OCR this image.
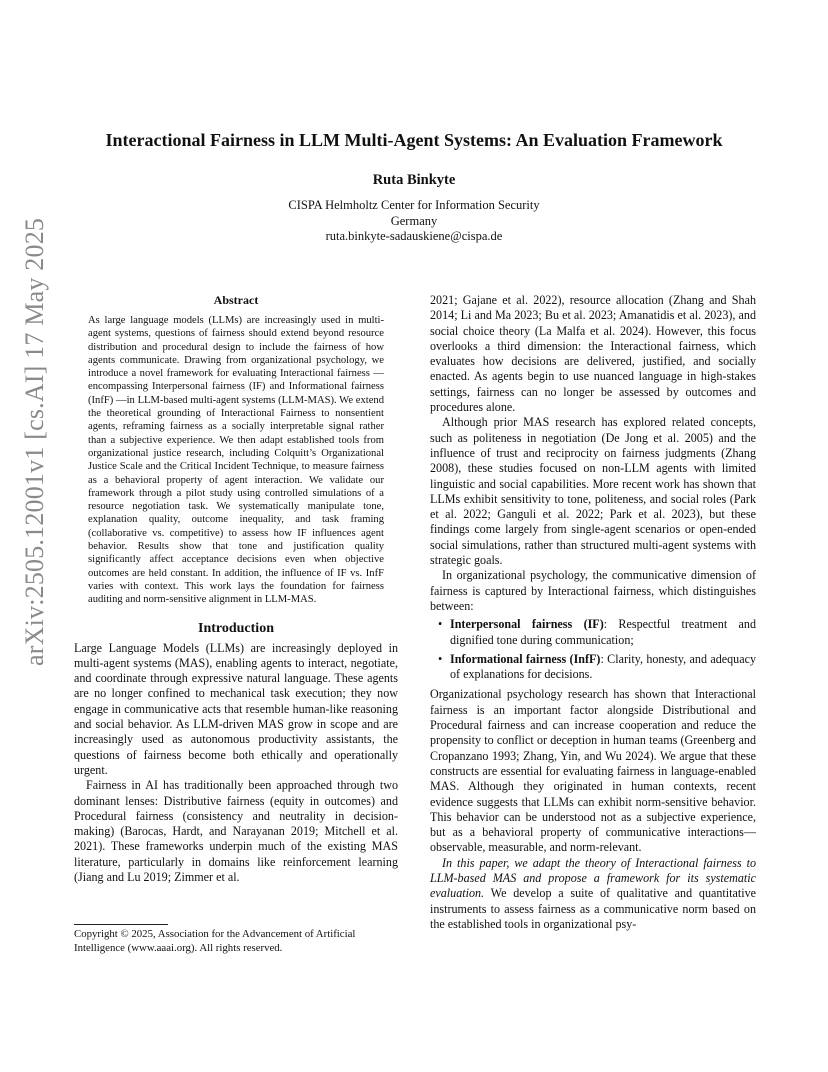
arXiv:2505.12001v1 [cs.AI] 17 May 2025
Interactional Fairness in LLM Multi-Agent Systems: An Evaluation Framework
Ruta Binkyte
CISPA Helmholtz Center for Information Security
Germany
ruta.binkyte-sadauskiene@cispa.de
Abstract

As large language models (LLMs) are increasingly used in multi-agent systems, questions of fairness should extend beyond resource distribution and procedural design to include the fairness of how agents communicate. Drawing from organizational psychology, we introduce a novel framework for evaluating Interactional fairness — encompassing Interpersonal fairness (IF) and Informational fairness (InfF) —in LLM-based multi-agent systems (LLM-MAS). We extend the theoretical grounding of Interactional Fairness to nonsentient agents, reframing fairness as a socially interpretable signal rather than a subjective experience. We then adapt established tools from organizational justice research, including Colquitt’s Organizational Justice Scale and the Critical Incident Technique, to measure fairness as a behavioral property of agent interaction. We validate our framework through a pilot study using controlled simulations of a resource negotiation task. We systematically manipulate tone, explanation quality, outcome inequality, and task framing (collaborative vs. competitive) to assess how IF influences agent behavior. Results show that tone and justification quality significantly affect acceptance decisions even when objective outcomes are held constant. In addition, the influence of IF vs. InfF varies with context. This work lays the foundation for fairness auditing and norm-sensitive alignment in LLM-MAS.

Introduction

Large Language Models (LLMs) are increasingly deployed in multi-agent systems (MAS), enabling agents to interact, negotiate, and coordinate through expressive natural language. These agents are no longer confined to mechanical task execution; they now engage in communicative acts that resemble human-like reasoning and social behavior. As LLM-driven MAS grow in scope and are increasingly used as autonomous productivity assistants, the questions of fairness become both ethically and operationally urgent.

Fairness in AI has traditionally been approached through two dominant lenses: Distributive fairness (equity in outcomes) and Procedural fairness (consistency and neutrality in decision-making) (Barocas, Hardt, and Narayanan 2019; Mitchell et al. 2021). These frameworks underpin much of the existing MAS literature, particularly in domains like reinforcement learning (Jiang and Lu 2019; Zimmer et al.

Copyright © 2025, Association for the Advancement of Artificial Intelligence (www.aaai.org). All rights reserved.

2021; Gajane et al. 2022), resource allocation (Zhang and Shah 2014; Li and Ma 2023; Bu et al. 2023; Amanatidis et al. 2023), and social choice theory (La Malfa et al. 2024). However, this focus overlooks a third dimension: the Interactional fairness, which evaluates how decisions are delivered, justified, and socially enacted. As agents begin to use nuanced language in high-stakes settings, fairness can no longer be assessed by outcomes and procedures alone.

Although prior MAS research has explored related concepts, such as politeness in negotiation (De Jong et al. 2005) and the influence of trust and reciprocity on fairness judgments (Zhang 2008), these studies focused on non-LLM agents with limited linguistic and social capabilities. More recent work has shown that LLMs exhibit sensitivity to tone, politeness, and social roles (Park et al. 2022; Ganguli et al. 2022; Park et al. 2023), but these findings come largely from single-agent scenarios or open-ended social simulations, rather than structured multi-agent systems with strategic goals.

In organizational psychology, the communicative dimension of fairness is captured by Interactional fairness, which distinguishes between:

• Interpersonal fairness (IF): Respectful treatment and dignified tone during communication;
• Informational fairness (InfF): Clarity, honesty, and adequacy of explanations for decisions.

Organizational psychology research has shown that Interactional fairness is an important factor alongside Distributional and Procedural fairness and can increase cooperation and reduce the propensity to conflict or deception in human teams (Greenberg and Cropanzano 1993; Zhang, Yin, and Wu 2024). We argue that these constructs are essential for evaluating fairness in language-enabled MAS. Although they originated in human contexts, recent evidence suggests that LLMs can exhibit norm-sensitive behavior. This behavior can be understood not as a subjective experience, but as a behavioral property of communicative interactions—observable, measurable, and norm-relevant.

In this paper, we adapt the theory of Interactional fairness to LLM-based MAS and propose a framework for its systematic evaluation. We develop a suite of qualitative and quantitative instruments to assess fairness as a communicative norm based on the established tools in organizational psy-
